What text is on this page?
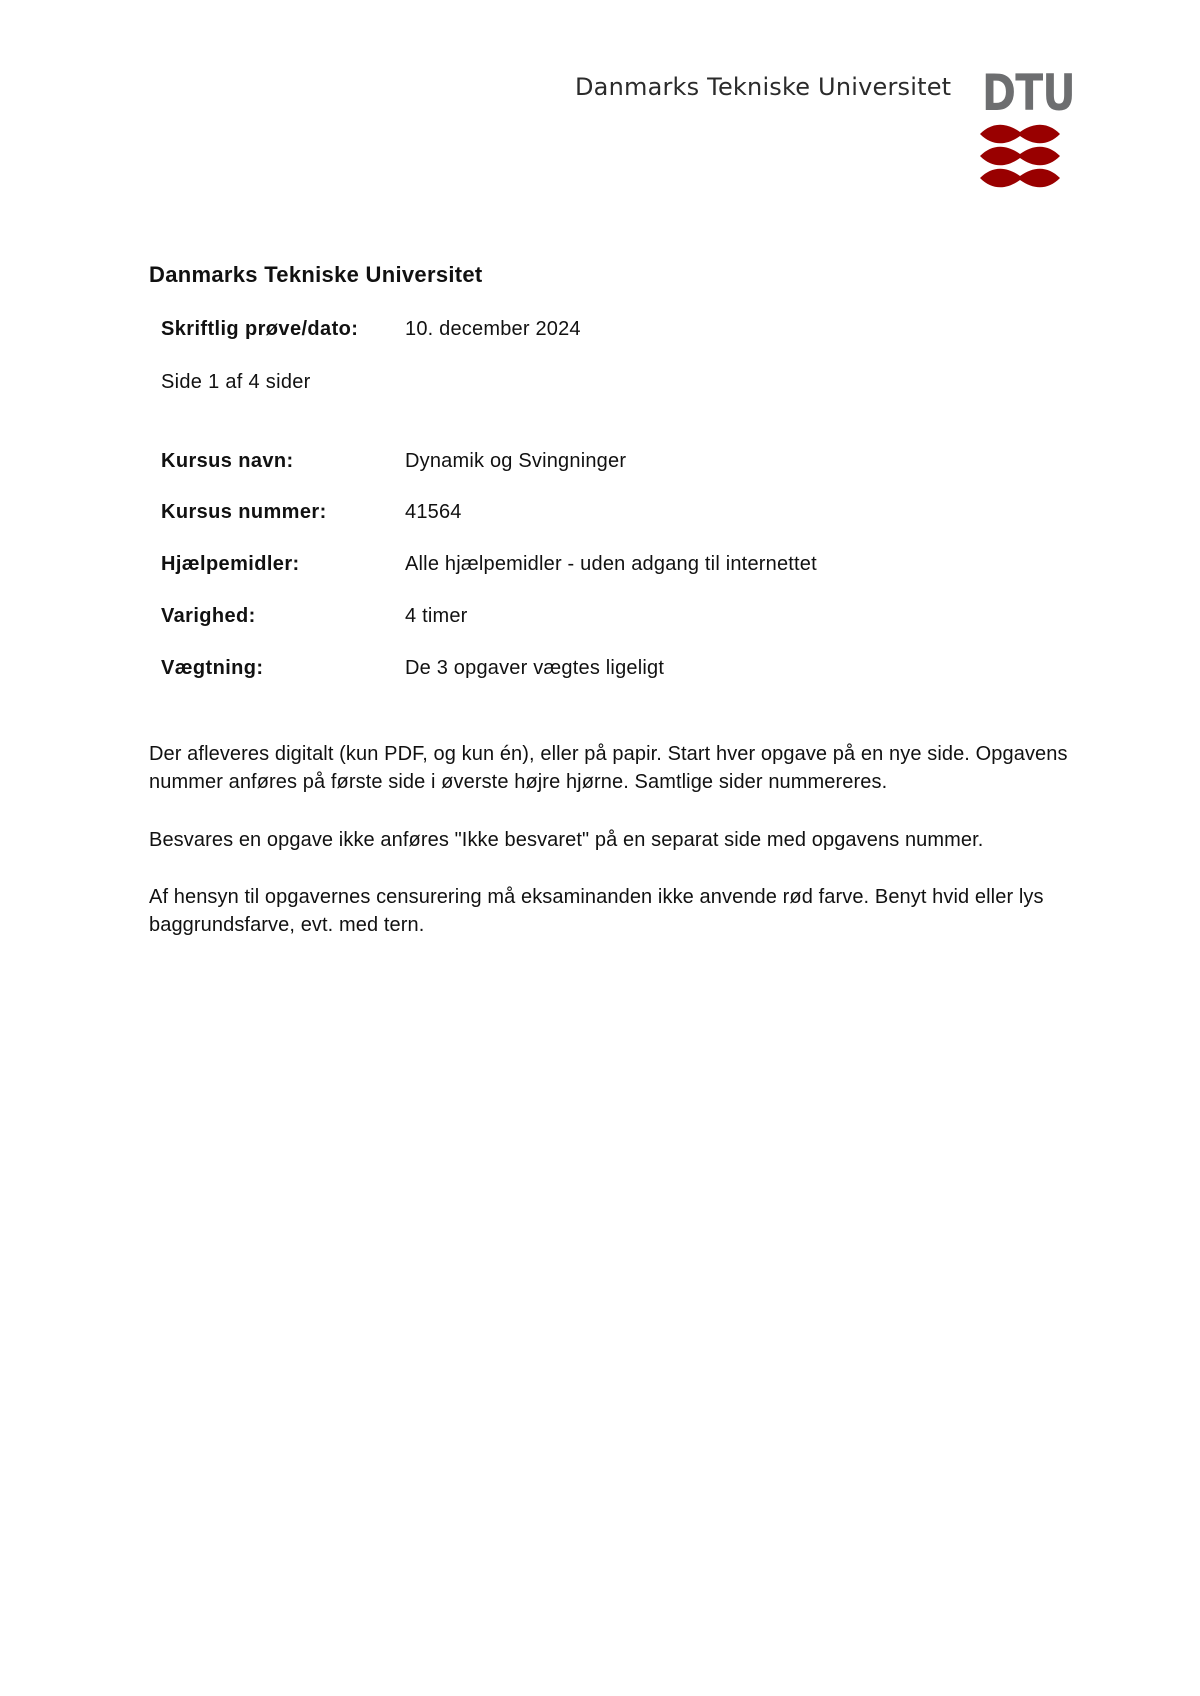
Danmarks Tekniske Universitet DTU
Danmarks Tekniske Universitet
Skriftlig prøve/dato: 10. december 2024
Side 1 af 4 sider
Kursus navn:	Dynamik og Svingninger
Kursus nummer:	41564
Hjælpemidler:	Alle hjælpemidler - uden adgang til internettet
Varighed:	4 timer
Vægtning:	De 3 opgaver vægtes ligeligt
Der afleveres digitalt (kun PDF, og kun én), eller på papir. Start hver opgave på en nye side. Opgavens nummer anføres på første side i øverste højre hjørne. Samtlige sider nummereres.
Besvares en opgave ikke anføres "Ikke besvaret" på en separat side med opgavens nummer.
Af hensyn til opgavernes censurering må eksaminanden ikke anvende rød farve. Benyt hvid eller lys baggrundsfarve, evt. med tern.
